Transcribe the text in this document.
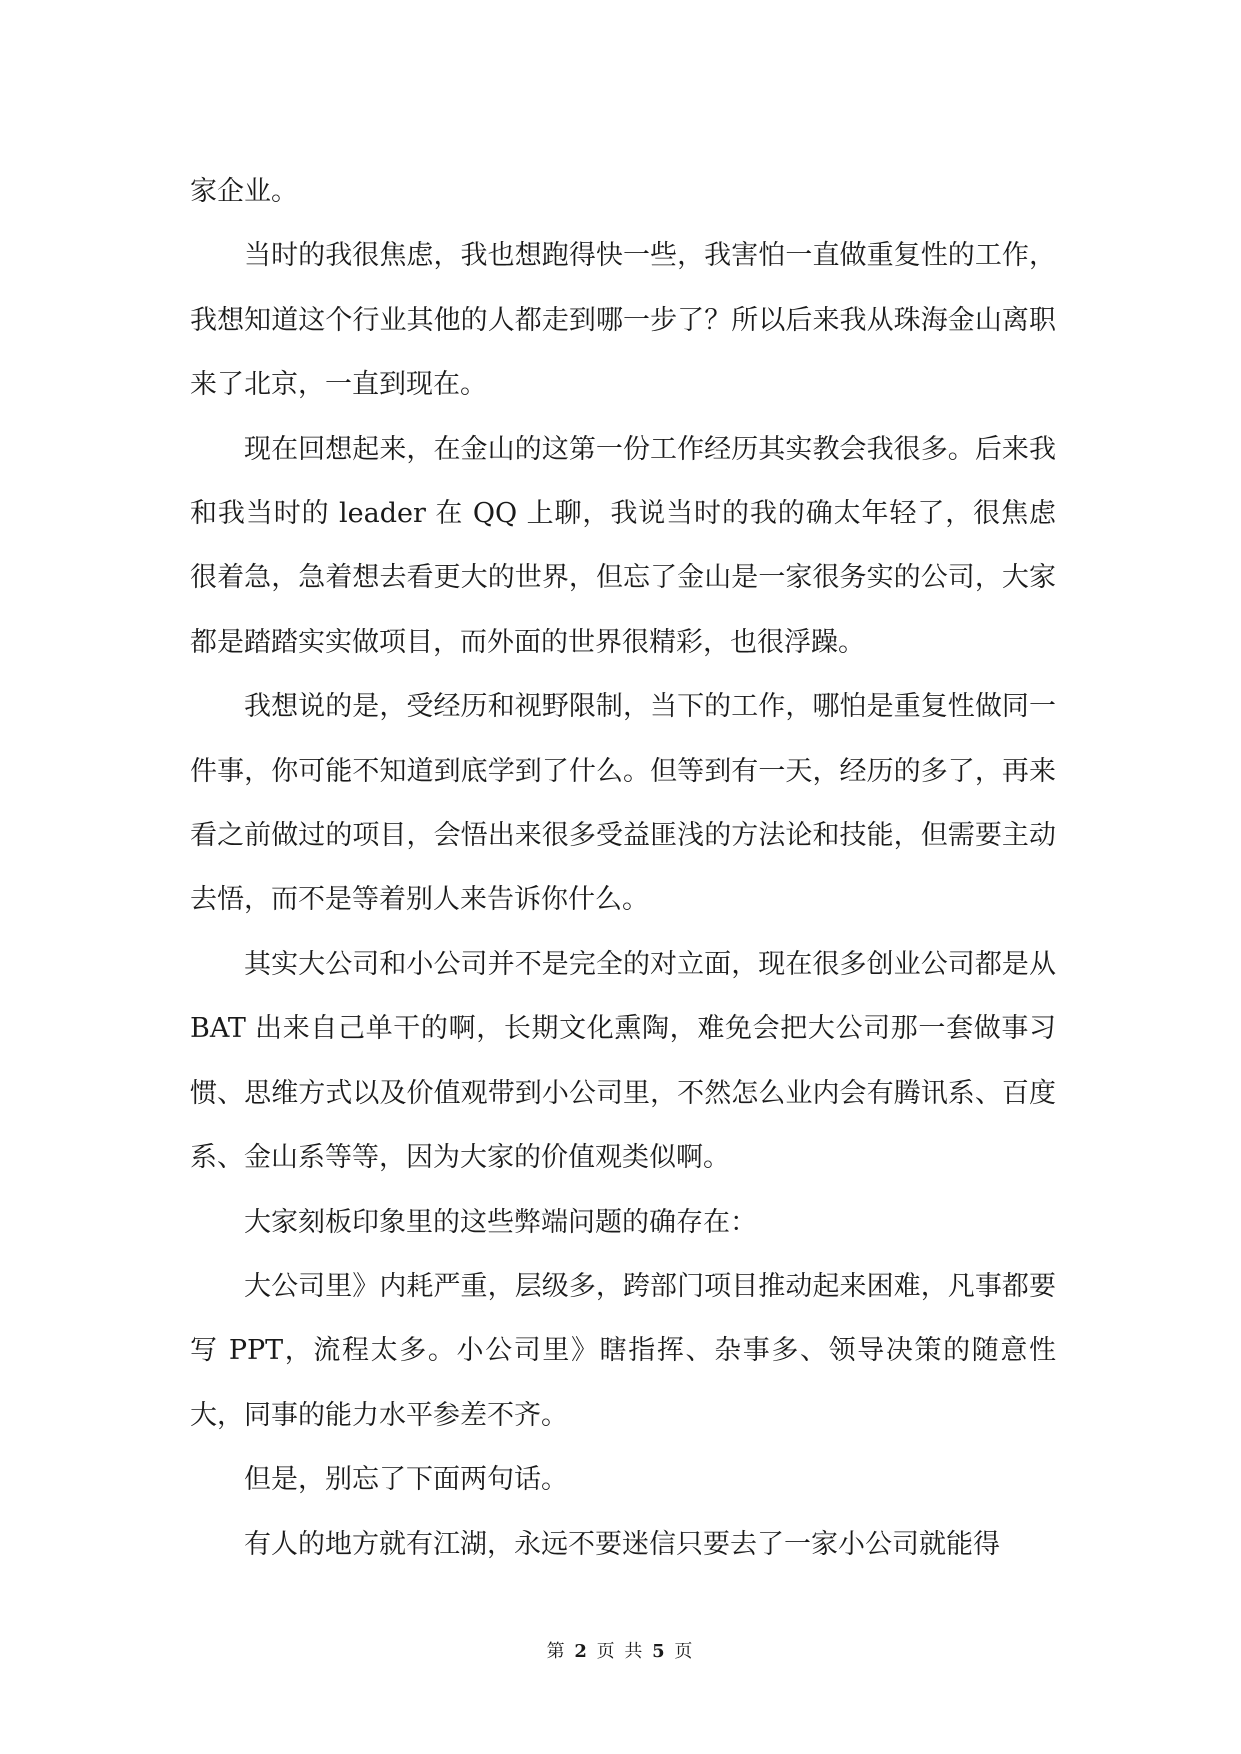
家企业。

当时的我很焦虑，我也想跑得快一些，我害怕一直做重复性的工作，我想知道这个行业其他的人都走到哪一步了？所以后来我从珠海金山离职来了北京，一直到现在。

现在回想起来，在金山的这第一份工作经历其实教会我很多。后来我和我当时的 leader 在 QQ 上聊，我说当时的我的确太年轻了，很焦虑很着急，急着想去看更大的世界，但忘了金山是一家很务实的公司，大家都是踏踏实实做项目，而外面的世界很精彩，也很浮躁。

我想说的是，受经历和视野限制，当下的工作，哪怕是重复性做同一件事，你可能不知道到底学到了什么。但等到有一天，经历的多了，再来看之前做过的项目，会悟出来很多受益匪浅的方法论和技能，但需要主动去悟，而不是等着别人来告诉你什么。

其实大公司和小公司并不是完全的对立面，现在很多创业公司都是从 BAT 出来自己单干的啊，长期文化熏陶，难免会把大公司那一套做事习惯、思维方式以及价值观带到小公司里，不然怎么业内会有腾讯系、百度系、金山系等等，因为大家的价值观类似啊。

大家刻板印象里的这些弊端问题的确存在：

大公司里》内耗严重，层级多，跨部门项目推动起来困难，凡事都要写 PPT，流程太多。小公司里》瞎指挥、杂事多、领导决策的随意性大，同事的能力水平参差不齐。

但是，别忘了下面两句话。

有人的地方就有江湖，永远不要迷信只要去了一家小公司就能得

第 2 页 共 5 页
